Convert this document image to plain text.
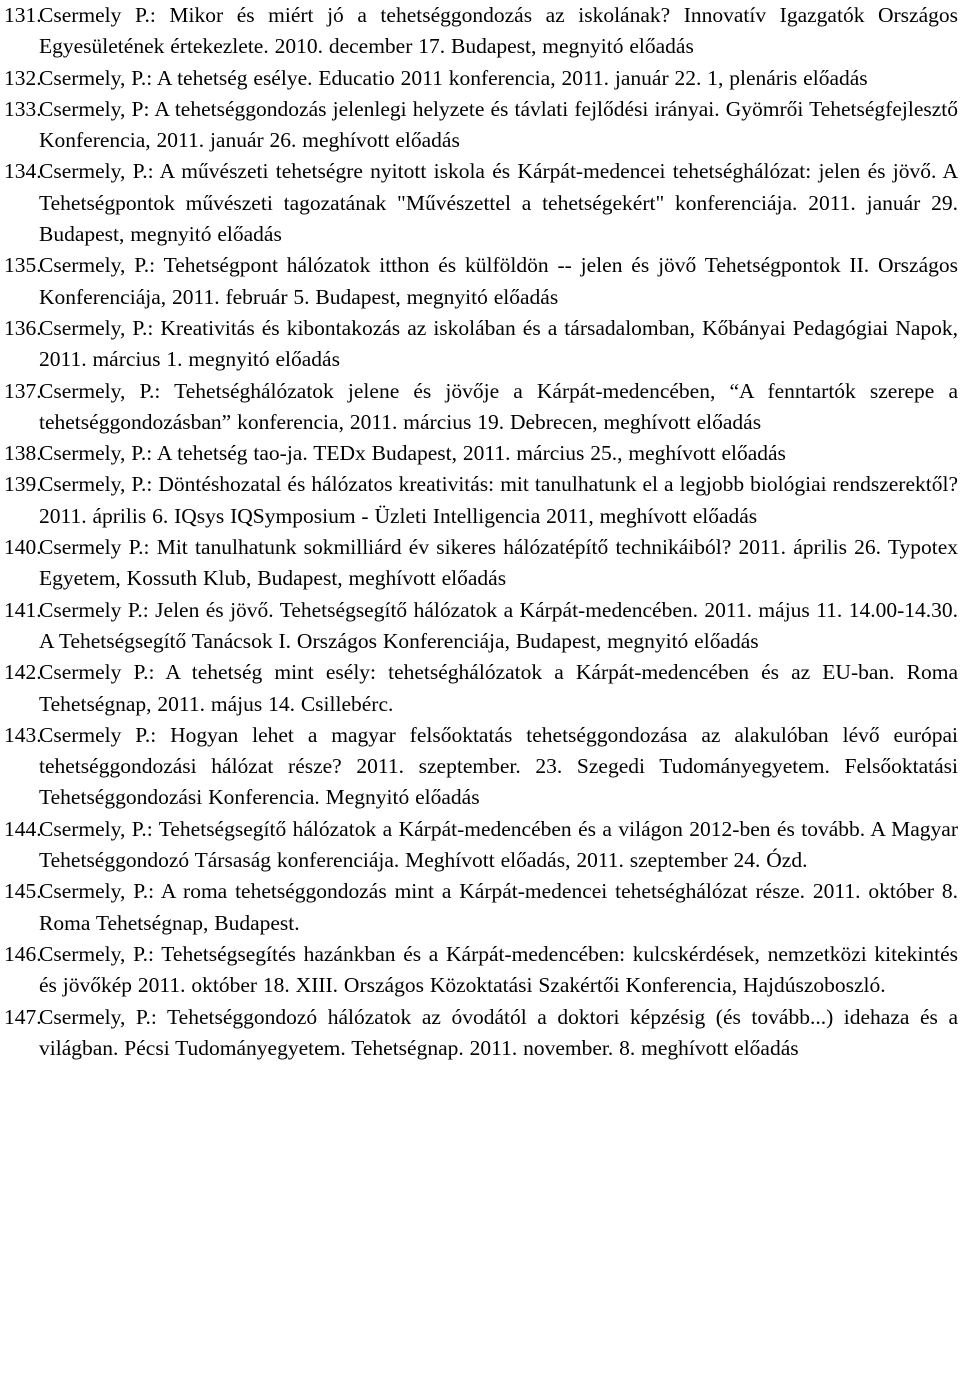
131.
Csermely P.: Mikor és miért jó a tehetséggondozás az iskolának? Innovatív Igazgatók Országos Egyesületének értekezlete. 2010. december 17. Budapest, megnyitó előadás
132.
Csermely, P.: A tehetség esélye. Educatio 2011 konferencia, 2011. január 22. 1, plenáris előadás
133.
Csermely, P: A tehetséggondozás jelenlegi helyzete és távlati fejlődési irányai. Gyömrői Tehetségfejlesztő Konferencia, 2011. január 26. meghívott előadás
134.
Csermely, P.: A művészeti tehetségre nyitott iskola és Kárpát-medencei tehetséghálózat: jelen és jövő. A Tehetségpontok művészeti tagozatának "Művészettel a tehetségekért" konferenciája. 2011. január 29. Budapest, megnyitó előadás
135.
Csermely, P.: Tehetségpont hálózatok itthon és külföldön -- jelen és jövő Tehetségpontok II. Országos Konferenciája, 2011. február 5. Budapest, megnyitó előadás
136.
Csermely, P.: Kreativitás és kibontakozás az iskolában és a társadalomban, Kőbányai Pedagógiai Napok, 2011. március 1. megnyitó előadás
137.
Csermely, P.: Tehetséghálózatok jelene és jövője a Kárpát-medencében, “A fenntartók szerepe a tehetséggondozásban” konferencia, 2011. március 19. Debrecen, meghívott előadás
138.
Csermely, P.: A tehetség tao-ja. TEDx Budapest, 2011. március 25., meghívott előadás
139.
Csermely, P.: Döntéshozatal és hálózatos kreativitás: mit tanulhatunk el a legjobb biológiai rendszerektől? 2011. április 6. IQsys IQSymposium - Üzleti Intelligencia 2011, meghívott előadás
140.
Csermely P.: Mit tanulhatunk sokmilliárd év sikeres hálózatépítő technikáiból? 2011. április 26. Typotex Egyetem, Kossuth Klub, Budapest, meghívott előadás
141.
Csermely P.: Jelen és jövő. Tehetségsegítő hálózatok a Kárpát-medencében. 2011. május 11. 14.00-14.30. A Tehetségsegítő Tanácsok I. Országos Konferenciája, Budapest, megnyitó előadás
142.
Csermely P.: A tehetség mint esély: tehetséghálózatok a Kárpát-medencében és az EU-ban. Roma Tehetségnap, 2011. május 14. Csillebérc.
143.
Csermely P.: Hogyan lehet a magyar felsőoktatás tehetséggondozása az alakulóban lévő európai tehetséggondozási hálózat része? 2011. szeptember. 23. Szegedi Tudományegyetem. Felsőoktatási Tehetséggondozási Konferencia. Megnyitó előadás
144.
Csermely, P.: Tehetségsegítő hálózatok a Kárpát-medencében és a világon 2012-ben és tovább. A Magyar Tehetséggondozó Társaság konferenciája. Meghívott előadás, 2011. szeptember 24. Ózd.
145.
Csermely, P.: A roma tehetséggondozás mint a Kárpát-medencei tehetséghálózat része. 2011. október 8. Roma Tehetségnap, Budapest.
146.
Csermely, P.: Tehetségsegítés hazánkban és a Kárpát-medencében: kulcskérdések, nemzetközi kitekintés és jövőkép 2011. október 18. XIII. Országos Közoktatási Szakértői Konferencia, Hajdúszoboszló.
147.
Csermely, P.: Tehetséggondozó hálózatok az óvodától a doktori képzésig (és tovább...) idehaza és a világban. Pécsi Tudományegyetem. Tehetségnap. 2011. november. 8. meghívott előadás
